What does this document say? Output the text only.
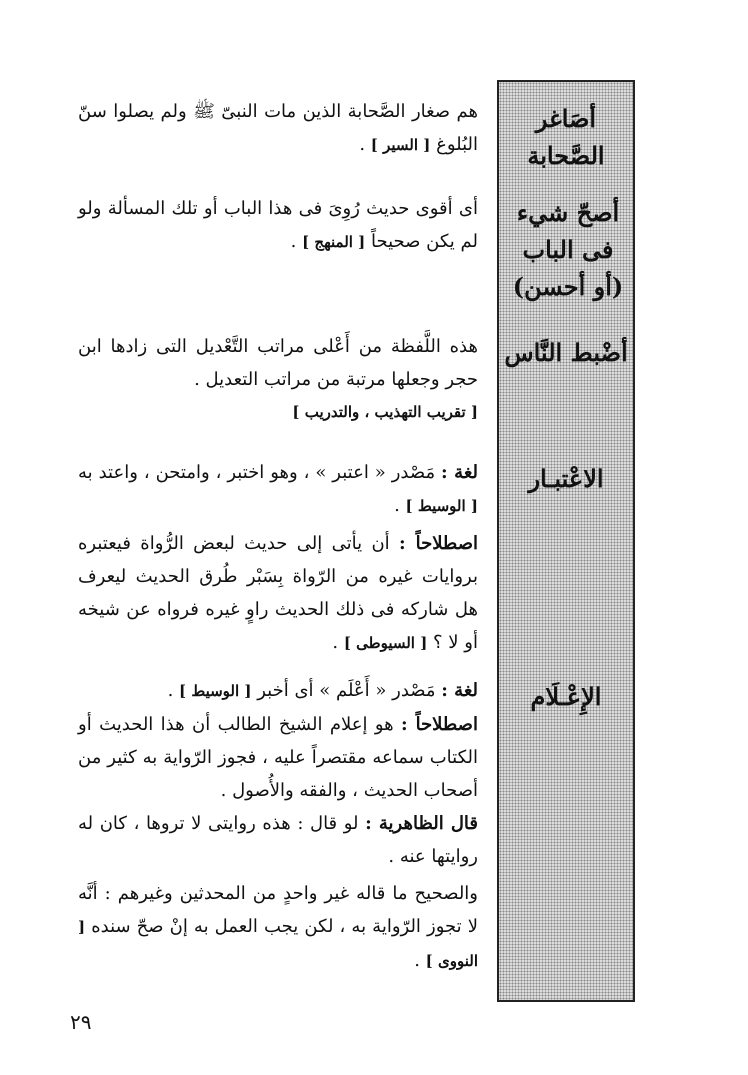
أصَاغر الصَّحابة
أصحّ شيء فى الباب (أو أحسن)
أضْبط النَّاس
الاعْتبـار
الإِعْـلَام

هم صغار الصَّحابة الذين مات النبىّ ﷺ ولم يصلوا سنّ البُلوغ [ السير ] .

أى أقوى حديث رُوِىَ فى هذا الباب أو تلك المسألة ولو لم يكن صحيحاً [ المنهج ] .

هذه اللَّفظة من أَعْلى مراتب التَّعْديل التى زادها ابن حجر وجعلها مرتبة من مراتب التعديل .

[ تقريب التهذيب ، والتدريب ]

لغة : مَصْدر « اعتبر » ، وهو اختبر ، وامتحن ، واعتد به [ الوسيط ] .

اصطلاحاً : أن يأتى إلى حديث لبعض الرُّواة فيعتبره بروايات غيره من الرّواة بِسَبْر طُرق الحديث ليعرف هل شاركه فى ذلك الحديث راوٍ غيره فرواه عن شيخه أو لا ؟ [ السيوطى ] .

لغة : مَصْدر « أَعْلَم » أى أخبر [ الوسيط ] .

اصطلاحاً : هو إعلام الشيخ الطالب أن هذا الحديث أو الكتاب سماعه مقتصراً عليه ، فجوز الرّواية به كثير من أصحاب الحديث ، والفقه والأُصول .

قال الظاهرية : لو قال : هذه روايتى لا تروها ، كان له روايتها عنه .

والصحيح ما قاله غير واحدٍ من المحدثين وغيرهم : أنَّه لا تجوز الرّواية به ، لكن يجب العمل به إنْ صحّ سنده [ النووى ] .

٢٩
